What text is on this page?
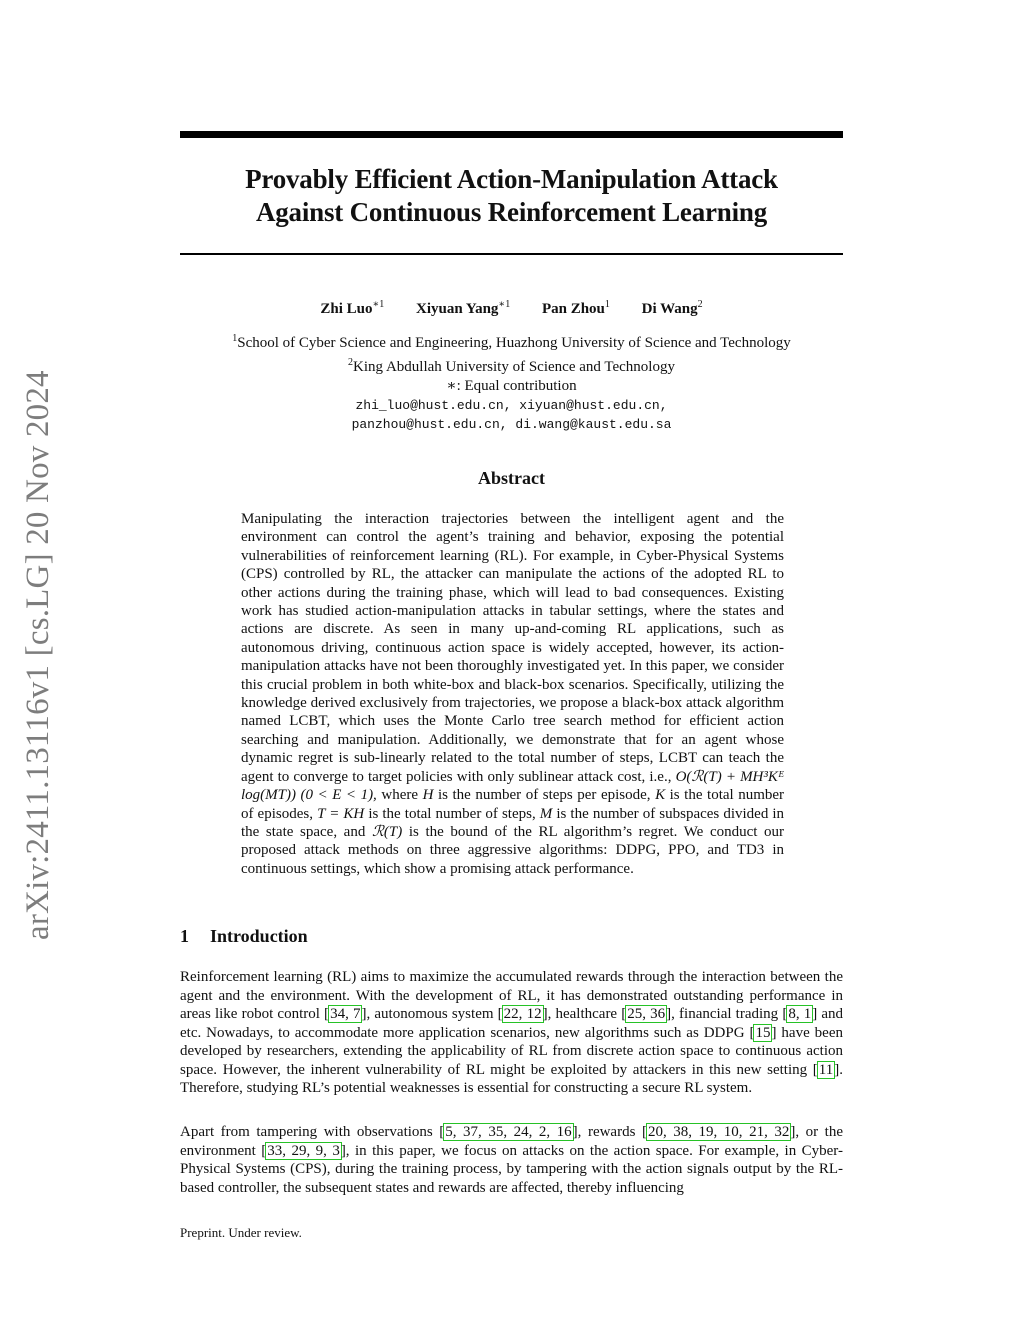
arXiv:2411.13116v1 [cs.LG] 20 Nov 2024
Provably Efficient Action-Manipulation Attack
Against Continuous Reinforcement Learning
Zhi Luo$^{∗1}$ Xiyuan Yang$^{∗1}$ Pan Zhou$^1$ Di Wang$^2$
$^1$School of Cyber Science and Engineering, Huazhong University of Science and Technology
$^2$King Abdullah University of Science and Technology
∗: Equal contribution
zhi_luo@hust.edu.cn, xiyuan@hust.edu.cn,
panzhou@hust.edu.cn, di.wang@kaust.edu.sa
Abstract
Manipulating the interaction trajectories between the intelligent agent and the environment can control the agent’s training and behavior, exposing the potential vulnerabilities of reinforcement learning (RL). For example, in Cyber-Physical Systems (CPS) controlled by RL, the attacker can manipulate the actions of the adopted RL to other actions during the training phase, which will lead to bad consequences. Existing work has studied action-manipulation attacks in tabular settings, where the states and actions are discrete. As seen in many up-and-coming RL applications, such as autonomous driving, continuous action space is widely accepted, however, its action-manipulation attacks have not been thoroughly investigated yet. In this paper, we consider this crucial problem in both white-box and black-box scenarios. Specifically, utilizing the knowledge derived exclusively from trajectories, we propose a black-box attack algorithm named LCBT, which uses the Monte Carlo tree search method for efficient action searching and manipulation. Additionally, we demonstrate that for an agent whose dynamic regret is sub-linearly related to the total number of steps, LCBT can teach the agent to converge to target policies with only sublinear attack cost, i.e., O(ℛ(T) + MH³Kᴱ log(MT)) (0 < E < 1), where H is the number of steps per episode, K is the total number of episodes, T = KH is the total number of steps, M is the number of subspaces divided in the state space, and ℛ(T) is the bound of the RL algorithm’s regret. We conduct our proposed attack methods on three aggressive algorithms: DDPG, PPO, and TD3 in continuous settings, which show a promising attack performance.
1 Introduction
Reinforcement learning (RL) aims to maximize the accumulated rewards through the interaction between the agent and the environment. With the development of RL, it has demonstrated outstanding performance in areas like robot control [34, 7], autonomous system [22, 12], healthcare [25, 36], financial trading [8, 1] and etc. Nowadays, to accommodate more application scenarios, new algorithms such as DDPG [15] have been developed by researchers, extending the applicability of RL from discrete action space to continuous action space. However, the inherent vulnerability of RL might be exploited by attackers in this new setting [11]. Therefore, studying RL’s potential weaknesses is essential for constructing a secure RL system.
Apart from tampering with observations [5, 37, 35, 24, 2, 16], rewards [20, 38, 19, 10, 21, 32], or the environment [33, 29, 9, 3], in this paper, we focus on attacks on the action space. For example, in Cyber-Physical Systems (CPS), during the training process, by tampering with the action signals output by the RL-based controller, the subsequent states and rewards are affected, thereby influencing
Preprint. Under review.
